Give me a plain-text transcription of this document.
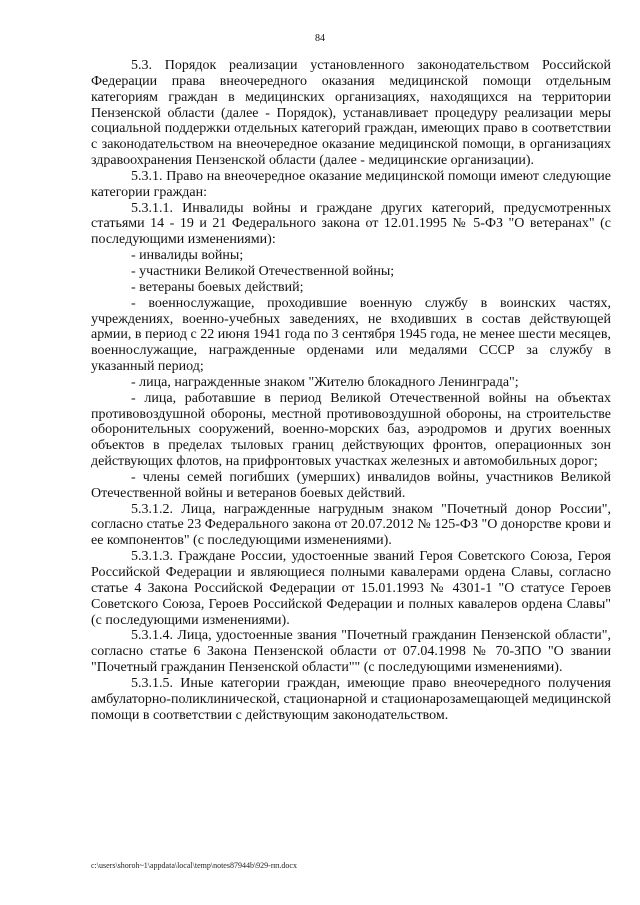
84

5.3. Порядок реализации установленного законодательством Российской Федерации права внеочередного оказания медицинской помощи отдельным категориям граждан в медицинских организациях, находящихся на территории Пензенской области (далее - Порядок), устанавливает процедуру реализации меры социальной поддержки отдельных категорий граждан, имеющих право в соответствии с законодательством на внеочередное оказание медицинской помощи, в организациях здравоохранения Пензенской области (далее - медицинские организации).

5.3.1. Право на внеочередное оказание медицинской помощи имеют следующие категории граждан:

5.3.1.1. Инвалиды войны и граждане других категорий, предусмотренных статьями 14 - 19 и 21 Федерального закона от 12.01.1995 № 5-ФЗ "О ветеранах" (с последующими изменениями):

- инвалиды войны;

- участники Великой Отечественной войны;

- ветераны боевых действий;

- военнослужащие, проходившие военную службу в воинских частях, учреждениях, военно-учебных заведениях, не входивших в состав действующей армии, в период с 22 июня 1941 года по 3 сентября 1945 года, не менее шести месяцев, военнослужащие, награжденные орденами или медалями СССР за службу в указанный период;

- лица, награжденные знаком "Жителю блокадного Ленинграда";

- лица, работавшие в период Великой Отечественной войны на объектах противовоздушной обороны, местной противовоздушной обороны, на строительстве оборонительных сооружений, военно-морских баз, аэродромов и других военных объектов в пределах тыловых границ действующих фронтов, операционных зон действующих флотов, на прифронтовых участках железных и автомобильных дорог;

- члены семей погибших (умерших) инвалидов войны, участников Великой Отечественной войны и ветеранов боевых действий.

5.3.1.2. Лица, награжденные нагрудным знаком "Почетный донор России", согласно статье 23 Федерального закона от 20.07.2012 № 125-ФЗ "О донорстве крови и ее компонентов" (с последующими изменениями).

5.3.1.3. Граждане России, удостоенные званий Героя Советского Союза, Героя Российской Федерации и являющиеся полными кавалерами ордена Славы, согласно статье 4 Закона Российской Федерации от 15.01.1993 № 4301-1 "О статусе Героев Советского Союза, Героев Российской Федерации и полных кавалеров ордена Славы" (с последующими изменениями).

5.3.1.4. Лица, удостоенные звания "Почетный гражданин Пензенской области", согласно статье 6 Закона Пензенской области от 07.04.1998 № 70-ЗПО "О звании "Почетный гражданин Пензенской области"" (с последующими изменениями).

5.3.1.5. Иные категории граждан, имеющие право внеочередного получения амбулаторно-поликлинической, стационарной и стационарозамещающей медицинской помощи в соответствии с действующим законодательством.

c:\users\shoroh~1\appdata\local\temp\notes87944b\929-пп.docx
